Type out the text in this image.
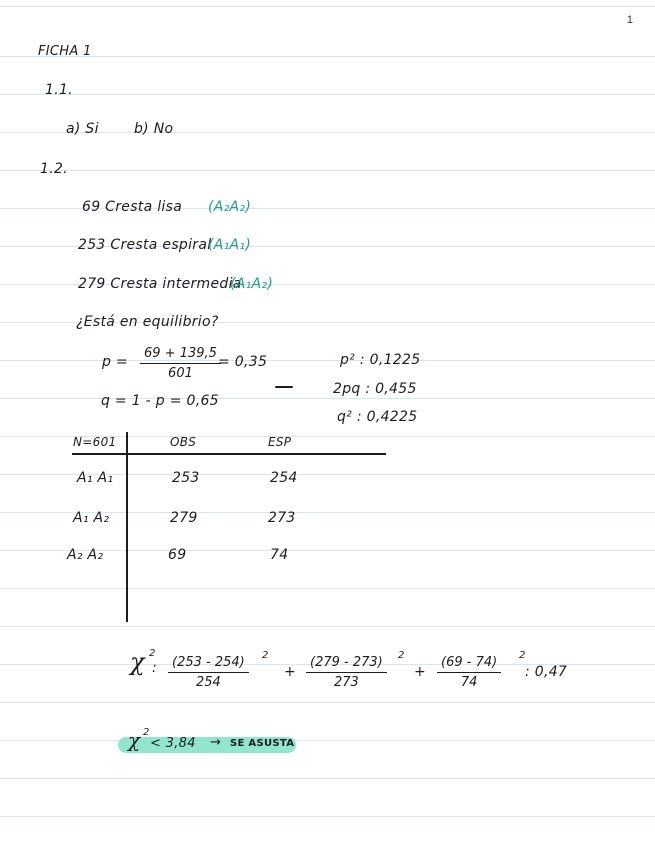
1
FICHA 1
1.1.
a) Si	b) No
1.2.
69 Cresta lisa (A₂A₂)
253 Cresta espiral
(A₁A₁)
279 Cresta intermedia
(A₁A₂)
¿Está en equilibrio?
$p = \frac{69 + 139,5}{601}$
= 0,35
q = 1 - p = 0,65
p² : 0,1225
2pq : 0,455
q² : 0,4225
N=601	OBS	ESP
A₁ A₁	253	254
A₁ A₂	279	273
A₂ A₂	69	74
χ 2
: $\frac{(253 - 254)}{254} 2$
+ $\frac{(279 - 273)}{273} 2$
+ $\frac{(69 - 74)}{74} 2$
: 0,47
χ 2
< 3,84 → SE ASUSTA
